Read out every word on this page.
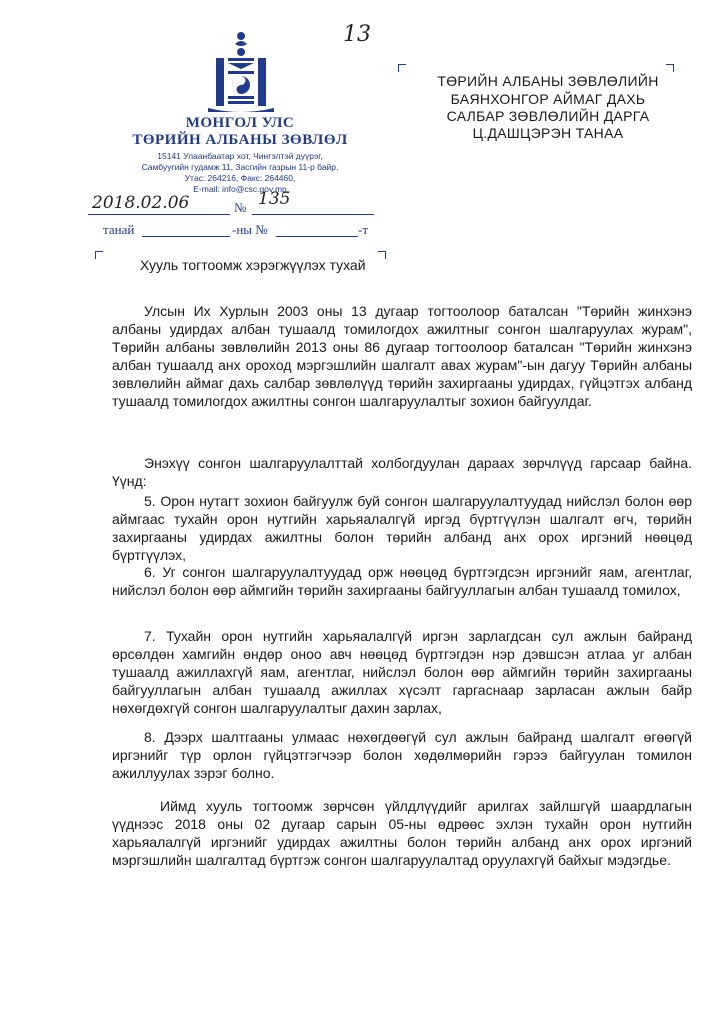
МОНГОЛ УЛС
ТӨРИЙН АЛБАНЫ ЗӨВЛӨЛ
15141 Улаанбаатар хот, Чингэлтэй дүүрэг,
Самбуугийн гудамж 11, Засгийн газрын 11-р байр,
Утас: 264216, Факс: 264460,
E-mail: info@csc.gov.mn
13
2018.02.06	№ 135
танай	-ны №	-т
ТӨРИЙН АЛБАНЫ ЗӨВЛӨЛИЙН
БАЯНХОНГОР АЙМАГ ДАХЬ
САЛБАР ЗӨВЛӨЛИЙН ДАРГА
Ц.ДАШЦЭРЭН ТАНАА
Хууль тогтоомж хэрэгжүүлэх тухай

Улсын Их Хурлын 2003 оны 13 дугаар тогтоолоор баталсан "Төрийн жинхэнэ албаны удирдах албан тушаалд томилогдох ажилтныг сонгон шалгаруулах журам", Төрийн албаны зөвлөлийн 2013 оны 86 дугаар тогтоолоор баталсан "Төрийн жинхэнэ албан тушаалд анх ороход мэргэшлийн шалгалт авах журам"-ын дагуу Төрийн албаны зөвлөлийн аймаг дахь салбар зөвлөлүүд төрийн захиргааны удирдах, гүйцэтгэх албанд тушаалд томилогдох ажилтны сонгон шалгаруулалтыг зохион байгуулдаг.

Энэхүү сонгон шалгаруулалттай холбогдуулан дараах зөрчлүүд гарсаар байна. Үүнд:

5. Орон нутагт зохион байгуулж буй сонгон шалгаруулалтуудад нийслэл болон өөр аймгаас тухайн орон нутгийн харьяалалгүй иргэд бүртгүүлэн шалгалт өгч, төрийн захиргааны удирдах ажилтны болон төрийн албанд анх орох иргэний нөөцөд бүртгүүлэх,

6. Уг сонгон шалгаруулалтуудад орж нөөцөд бүртгэгдсэн иргэнийг яам, агентлаг, нийслэл болон өөр аймгийн төрийн захиргааны байгууллагын албан тушаалд томилох,

7. Тухайн орон нутгийн харьяалалгүй иргэн зарлагдсан сул ажлын байранд өрсөлдөн хамгийн өндөр оноо авч нөөцөд бүртгэгдэн нэр дэвшсэн атлаа уг албан тушаалд ажиллахгүй яам, агентлаг, нийслэл болон өөр аймгийн төрийн захиргааны байгууллагын албан тушаалд ажиллах хүсэлт гаргаснаар зарласан ажлын байр нөхөгдөхгүй сонгон шалгаруулалтыг дахин зарлах,

8. Дээрх шалтгааны улмаас нөхөгдөөгүй сул ажлын байранд шалгалт өгөөгүй иргэнийг түр орлон гүйцэтгэгчээр болон хөдөлмөрийн гэрээ байгуулан томилон ажиллуулах зэрэг болно.

Иймд хууль тогтоомж зөрчсөн үйлдлүүдийг арилгах зайлшгүй шаардлагын үүднээс 2018 оны 02 дугаар сарын 05-ны өдрөөс эхлэн тухайн орон нутгийн харьяалалгүй иргэнийг удирдах ажилтны болон төрийн албанд анх орох иргэний мэргэшлийн шалгалтад бүртгэж сонгон шалгаруулалтад оруулахгүй байхыг мэдэгдье.
